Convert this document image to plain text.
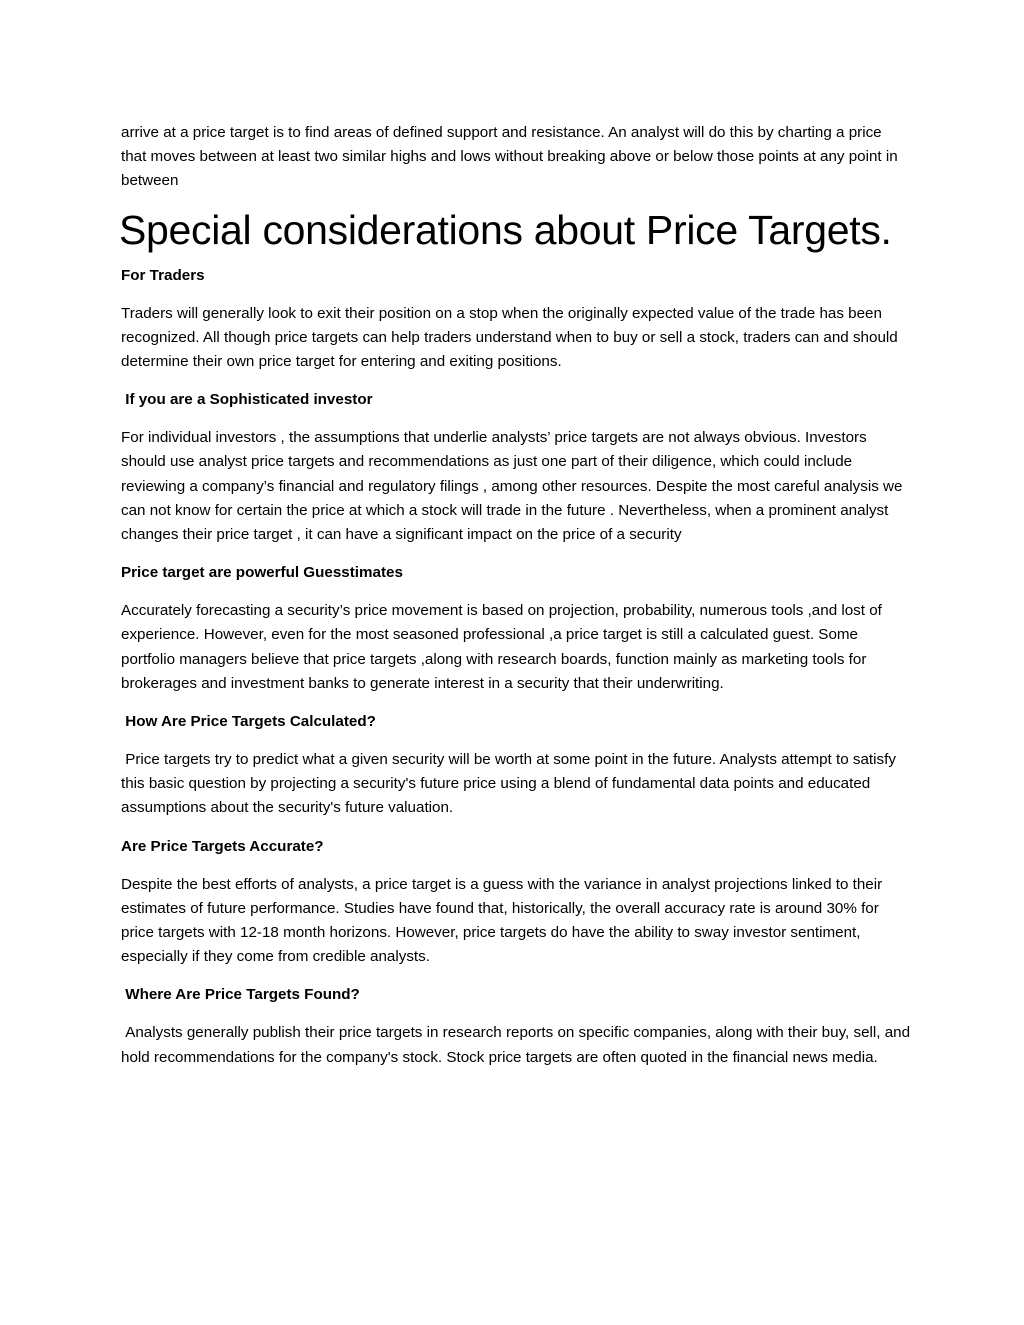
arrive at a price target is to find areas of defined support and resistance. An analyst will do this by charting a price that moves between at least two similar highs and lows without breaking above or below those points at any point in between

Special considerations about Price Targets.

For Traders

Traders will generally look to exit their position on a stop when the originally expected value of the trade has been recognized. All though price targets can help traders understand when to buy or sell a stock, traders can and should determine their own price target for entering and exiting positions.

If you are a Sophisticated investor

For individual investors , the assumptions that underlie analysts’ price targets are not always obvious. Investors should use analyst price targets and recommendations as just one part of their diligence, which could include reviewing a company’s financial and regulatory filings , among other resources. Despite the most careful analysis we can not know for certain the price at which a stock will trade in the future . Nevertheless, when a prominent analyst changes their price target , it can have a significant impact on the price of a security

Price target are powerful Guesstimates

Accurately forecasting a security’s price movement is based on projection, probability, numerous tools ,and lost of experience. However, even for the most seasoned professional ,a price target is still a calculated guest. Some portfolio managers believe that price targets ,along with research boards, function mainly as marketing tools for brokerages and investment banks to generate interest in a security that their underwriting.

How Are Price Targets Calculated?

Price targets try to predict what a given security will be worth at some point in the future. Analysts attempt to satisfy this basic question by projecting a security's future price using a blend of fundamental data points and educated assumptions about the security's future valuation.

Are Price Targets Accurate?

Despite the best efforts of analysts, a price target is a guess with the variance in analyst projections linked to their estimates of future performance. Studies have found that, historically, the overall accuracy rate is around 30% for price targets with 12-18 month horizons. However, price targets do have the ability to sway investor sentiment, especially if they come from credible analysts.

Where Are Price Targets Found?

Analysts generally publish their price targets in research reports on specific companies, along with their buy, sell, and hold recommendations for the company's stock. Stock price targets are often quoted in the financial news media.
